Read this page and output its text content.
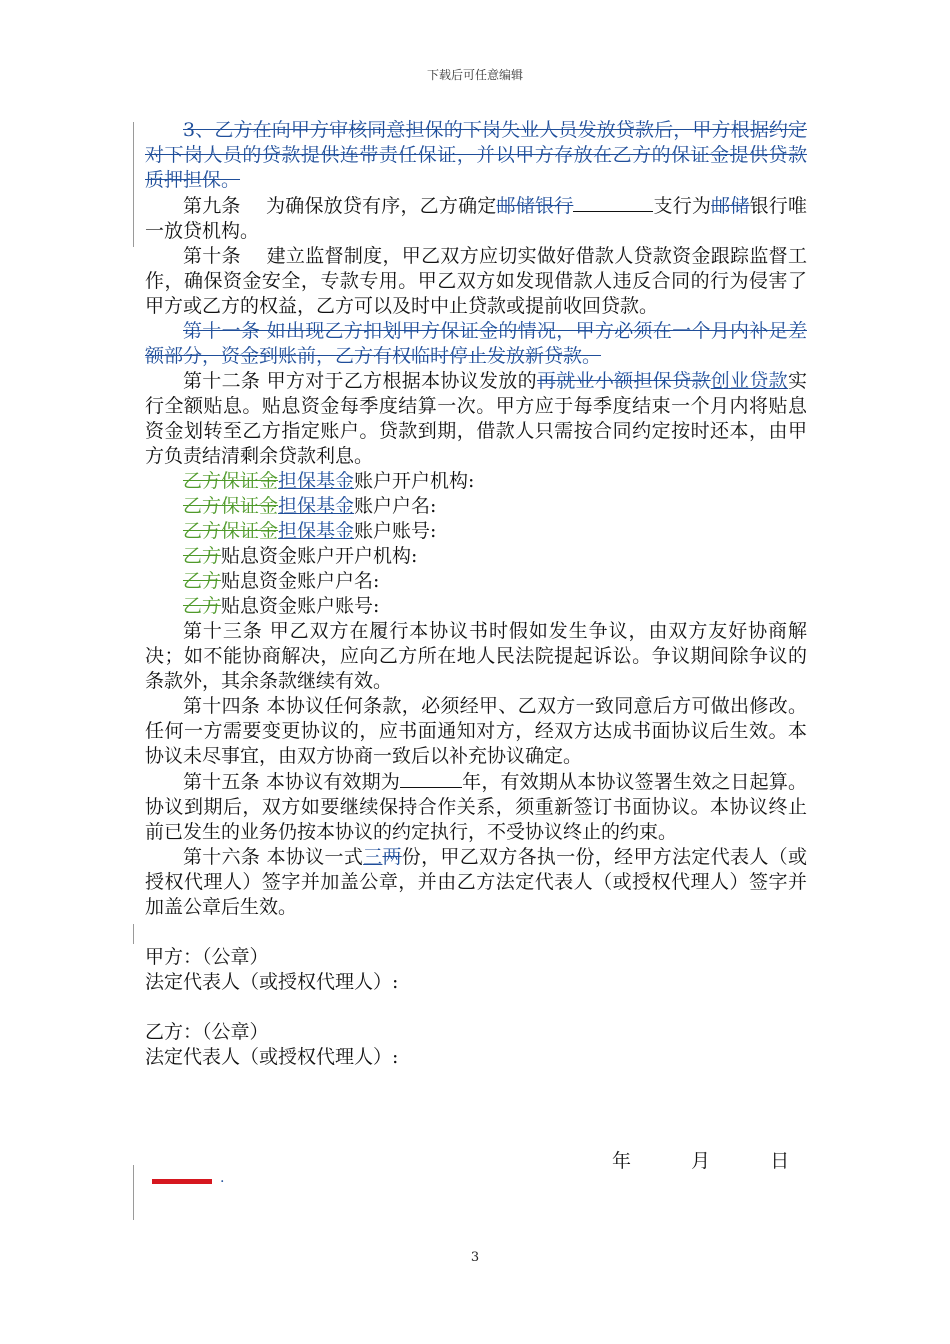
下载后可任意编辑

3、乙方在向甲方审核同意担保的下岗失业人员发放贷款后，甲方根据约定对下岗人员的贷款提供连带责任保证，并以甲方存放在乙方的保证金提供贷款质押担保。

第九条　 为确保放贷有序，乙方确定邮储银行	支行为邮储银行唯一放贷机构。

第十条　 建立监督制度，甲乙双方应切实做好借款人贷款资金跟踪监督工作，确保资金安全，专款专用。甲乙双方如发现借款人违反合同的行为侵害了甲方或乙方的权益，乙方可以及时中止贷款或提前收回贷款。

第十一条 如出现乙方扣划甲方保证金的情况，甲方必须在一个月内补足差额部分，资金到账前，乙方有权临时停止发放新贷款。

第十二条 甲方对于乙方根据本协议发放的再就业小额担保贷款创业贷款实行全额贴息。贴息资金每季度结算一次。甲方应于每季度结束一个月内将贴息资金划转至乙方指定账户。贷款到期，借款人只需按合同约定按时还本，由甲方负责结清剩余贷款利息。

乙方保证金担保基金账户开户机构:

乙方保证金担保基金账户户名:

乙方保证金担保基金账户账号:

乙方贴息资金账户开户机构:

乙方贴息资金账户户名:

乙方贴息资金账户账号:

第十三条 甲乙双方在履行本协议书时假如发生争议，由双方友好协商解决；如不能协商解决，应向乙方所在地人民法院提起诉讼。争议期间除争议的条款外，其余条款继续有效。

第十四条 本协议任何条款，必须经甲、乙双方一致同意后方可做出修改。任何一方需要变更协议的，应书面通知对方，经双方达成书面协议后生效。本协议未尽事宜，由双方协商一致后以补充协议确定。

第十五条 本协议有效期为	年，有效期从本协议签署生效之日起算。协议到期后，双方如要继续保持合作关系，须重新签订书面协议。本协议终止前已发生的业务仍按本协议的约定执行，不受协议终止的约束。

第十六条 本协议一式三两份，甲乙双方各执一份，经甲方法定代表人（或授权代理人）签字并加盖公章，并由乙方法定代表人（或授权代理人）签字并加盖公章后生效。

甲方：（公章）

法定代表人（或授权代理人）:

乙方：（公章）

法定代表人（或授权代理人）:

年	月	日
.
3
